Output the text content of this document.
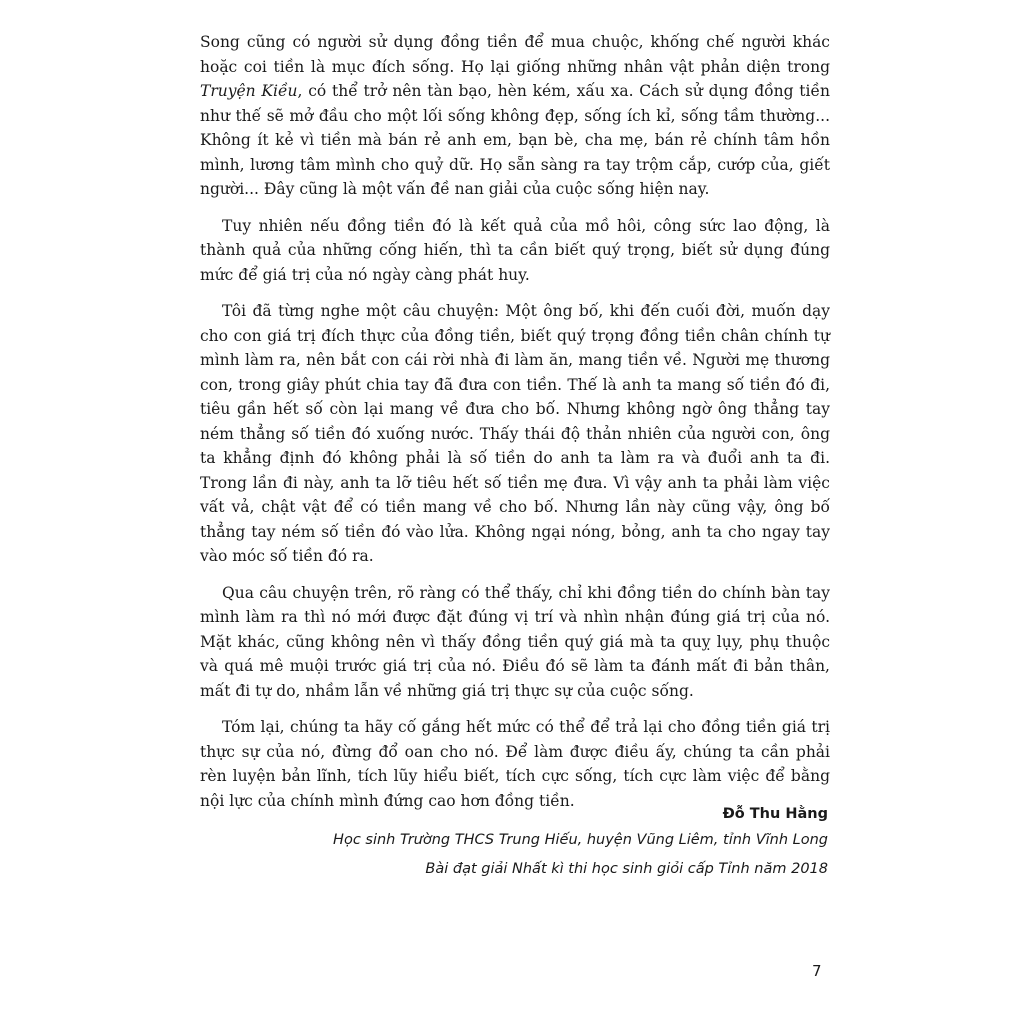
Song cũng có người sử dụng đồng tiền để mua chuộc, khống chế người khác hoặc coi tiền là mục đích sống. Họ lại giống những nhân vật phản diện trong Truyện Kiều, có thể trở nên tàn bạo, hèn kém, xấu xa. Cách sử dụng đồng tiền như thế sẽ mở đầu cho một lối sống không đẹp, sống ích kỉ, sống tầm thường... Không ít kẻ vì tiền mà bán rẻ anh em, bạn bè, cha mẹ, bán rẻ chính tâm hồn mình, lương tâm mình cho quỷ dữ. Họ sẵn sàng ra tay trộm cắp, cướp của, giết người... Đây cũng là một vấn đề nan giải của cuộc sống hiện nay.

Tuy nhiên nếu đồng tiền đó là kết quả của mồ hôi, công sức lao động, là thành quả của những cống hiến, thì ta cần biết quý trọng, biết sử dụng đúng mức để giá trị của nó ngày càng phát huy.

Tôi đã từng nghe một câu chuyện: Một ông bố, khi đến cuối đời, muốn dạy cho con giá trị đích thực của đồng tiền, biết quý trọng đồng tiền chân chính tự mình làm ra, nên bắt con cái rời nhà đi làm ăn, mang tiền về. Người mẹ thương con, trong giây phút chia tay đã đưa con tiền. Thế là anh ta mang số tiền đó đi, tiêu gần hết số còn lại mang về đưa cho bố. Nhưng không ngờ ông thẳng tay ném thẳng số tiền đó xuống nước. Thấy thái độ thản nhiên của người con, ông ta khẳng định đó không phải là số tiền do anh ta làm ra và đuổi anh ta đi. Trong lần đi này, anh ta lỡ tiêu hết số tiền mẹ đưa. Vì vậy anh ta phải làm việc vất vả, chật vật để có tiền mang về cho bố. Nhưng lần này cũng vậy, ông bố thẳng tay ném số tiền đó vào lửa. Không ngại nóng, bỏng, anh ta cho ngay tay vào móc số tiền đó ra.

Qua câu chuyện trên, rõ ràng có thể thấy, chỉ khi đồng tiền do chính bàn tay mình làm ra thì nó mới được đặt đúng vị trí và nhìn nhận đúng giá trị của nó. Mặt khác, cũng không nên vì thấy đồng tiền quý giá mà ta quỵ lụy, phụ thuộc và quá mê muội trước giá trị của nó. Điều đó sẽ làm ta đánh mất đi bản thân, mất đi tự do, nhầm lẫn về những giá trị thực sự của cuộc sống.

Tóm lại, chúng ta hãy cố gắng hết mức có thể để trả lại cho đồng tiền giá trị thực sự của nó, đừng đổ oan cho nó. Để làm được điều ấy, chúng ta cần phải rèn luyện bản lĩnh, tích lũy hiểu biết, tích cực sống, tích cực làm việc để bằng nội lực của chính mình đứng cao hơn đồng tiền.

Đỗ Thu Hằng
Học sinh Trường THCS Trung Hiếu, huyện Vũng Liêm, tỉnh Vĩnh Long
Bài đạt giải Nhất kì thi học sinh giỏi cấp Tỉnh năm 2018
7
